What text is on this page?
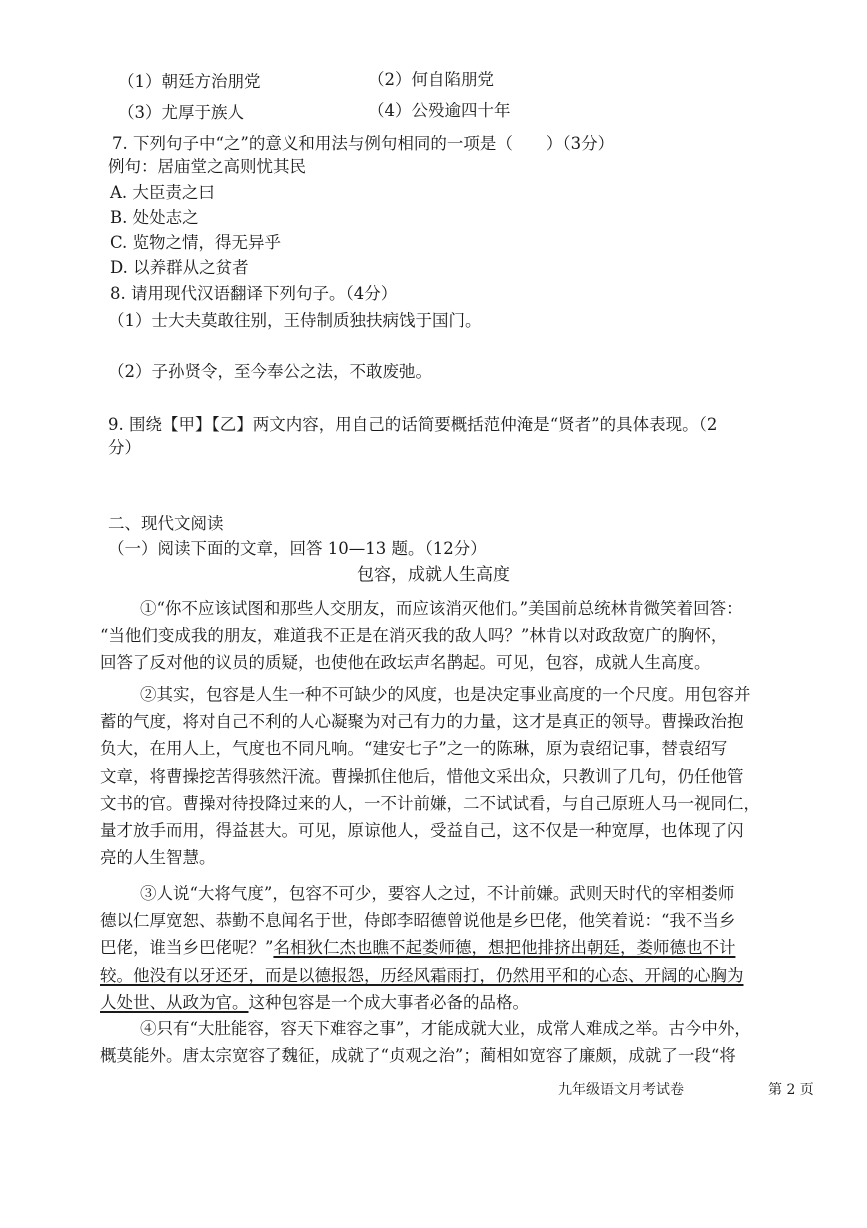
（1）朝廷方治朋党	（2）何自陷朋党
（3）尤厚于族人	（4）公殁逾四十年
7. 下列句子中“之”的意义和用法与例句相同的一项是（　　）（3分）
例句：居庙堂之高则忧其民
A. 大臣责之曰
B. 处处志之
C. 览物之情，得无异乎
D. 以养群从之贫者
8. 请用现代汉语翻译下列句子。（4分）
（1）士大夫莫敢往别，王侍制质独扶病饯于国门。
（2）子孙贤令，至今奉公之法，不敢废弛。
9. 围绕【甲】【乙】两文内容，用自己的话简要概括范仲淹是“贤者”的具体表现。（2
分）
二、现代文阅读
（一）阅读下面的文章，回答 10—13 题。（12分）
包容，成就人生高度
①“你不应该试图和那些人交朋友，而应该消灭他们。”美国前总统林肯微笑着回答：
“当他们变成我的朋友，难道我不正是在消灭我的敌人吗？”林肯以对政敌宽广的胸怀，
回答了反对他的议员的质疑，也使他在政坛声名鹊起。可见，包容，成就人生高度。
②其实，包容是人生一种不可缺少的风度，也是决定事业高度的一个尺度。用包容并
蓄的气度，将对自己不利的人心凝聚为对己有力的力量，这才是真正的领导。曹操政治抱
负大，在用人上，气度也不同凡响。“建安七子”之一的陈琳，原为袁绍记事，替袁绍写
文章，将曹操挖苦得骇然汗流。曹操抓住他后，惜他文采出众，只教训了几句，仍任他管
文书的官。曹操对待投降过来的人，一不计前嫌，二不试试看，与自己原班人马一视同仁，
量才放手而用，得益甚大。可见，原谅他人，受益自己，这不仅是一种宽厚，也体现了闪
亮的人生智慧。
③人说“大将气度”，包容不可少，要容人之过，不计前嫌。武则天时代的宰相娄师
德以仁厚宽恕、恭勤不息闻名于世，侍郎李昭德曾说他是乡巴佬，他笑着说：“我不当乡
巴佬，谁当乡巴佬呢？”名相狄仁杰也瞧不起娄师德，想把他排挤出朝廷，娄师德也不计
较。他没有以牙还牙，而是以德报怨，历经风霜雨打，仍然用平和的心态、开阔的心胸为
人处世、从政为官。这种包容是一个成大事者必备的品格。
④只有“大肚能容，容天下难容之事”，才能成就大业，成常人难成之举。古今中外，
概莫能外。唐太宗宽容了魏征，成就了“贞观之治”；蔺相如宽容了廉颇，成就了一段“将
九年级语文月考试卷	第 2 页
